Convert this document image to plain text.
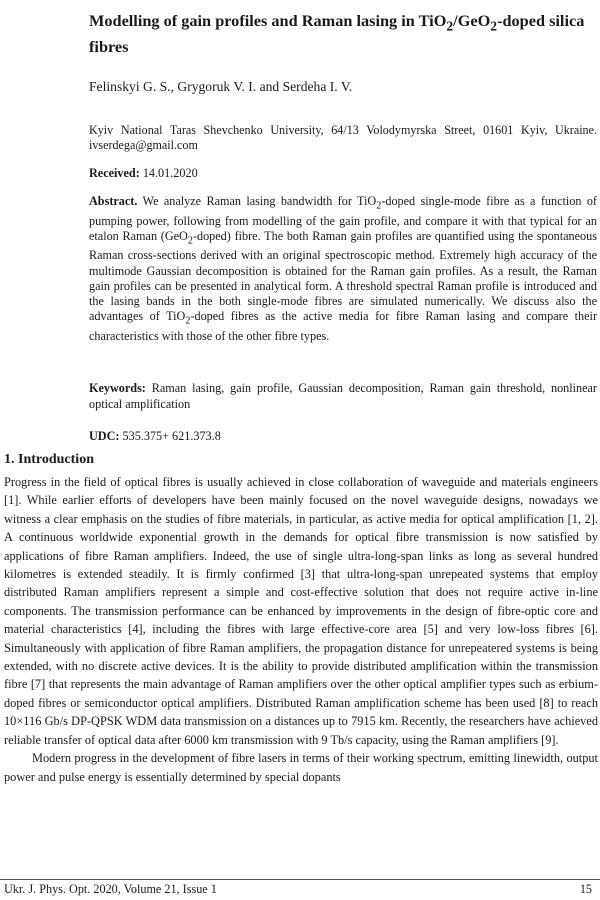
Modelling of gain profiles and Raman lasing in TiO$_2$/GeO$_2$-doped silica fibres
Felinskyi G. S., Grygoruk V. I. and Serdeha I. V.
Kyiv National Taras Shevchenko University, 64/13 Volodymyrska Street, 01601 Kyiv, Ukraine. ivserdega@gmail.com
Received: 14.01.2020
Abstract. We analyze Raman lasing bandwidth for TiO$_2$-doped single-mode fibre as a function of pumping power, following from modelling of the gain profile, and compare it with that typical for an etalon Raman (GeO$_2$-doped) fibre. The both Raman gain profiles are quantified using the spontaneous Raman cross-sections derived with an original spectroscopic method. Extremely high accuracy of the multimode Gaussian decomposition is obtained for the Raman gain profiles. As a result, the Raman gain profiles can be presented in analytical form. A threshold spectral Raman profile is introduced and the lasing bands in the both single-mode fibres are simulated numerically. We discuss also the advantages of TiO$_2$-doped fibres as the active media for fibre Raman lasing and compare their characteristics with those of the other fibre types.
Keywords: Raman lasing, gain profile, Gaussian decomposition, Raman gain threshold, nonlinear optical amplification
UDC: 535.375+ 621.373.8
1. Introduction

Progress in the field of optical fibres is usually achieved in close collaboration of waveguide and materials engineers [1]. While earlier efforts of developers have been mainly focused on the novel waveguide designs, nowadays we witness a clear emphasis on the studies of fibre materials, in particular, as active media for optical amplification [1, 2]. A continuous worldwide exponential growth in the demands for optical fibre transmission is now satisfied by applications of fibre Raman amplifiers. Indeed, the use of single ultra-long-span links as long as several hundred kilometres is extended steadily. It is firmly confirmed [3] that ultra-long-span unrepeated systems that employ distributed Raman amplifiers represent a simple and cost-effective solution that does not require active in-line components. The transmission performance can be enhanced by improvements in the design of fibre-optic core and material characteristics [4], including the fibres with large effective-core area [5] and very low-loss fibres [6]. Simultaneously with application of fibre Raman amplifiers, the propagation distance for unrepeatered systems is being extended, with no discrete active devices. It is the ability to provide distributed amplification within the transmission fibre [7] that represents the main advantage of Raman amplifiers over the other optical amplifier types such as erbium-doped fibres or semiconductor optical amplifiers. Distributed Raman amplification scheme has been used [8] to reach 10×116 Gb/s DP-QPSK WDM data transmission on a distances up to 7915 km. Recently, the researchers have achieved reliable transfer of optical data after 6000 km transmission with 9 Tb/s capacity, using the Raman amplifiers [9].

Modern progress in the development of fibre lasers in terms of their working spectrum, emitting linewidth, output power and pulse energy is essentially determined by special dopants

Ukr. J. Phys. Opt. 2020, Volume 21, Issue 1	15
